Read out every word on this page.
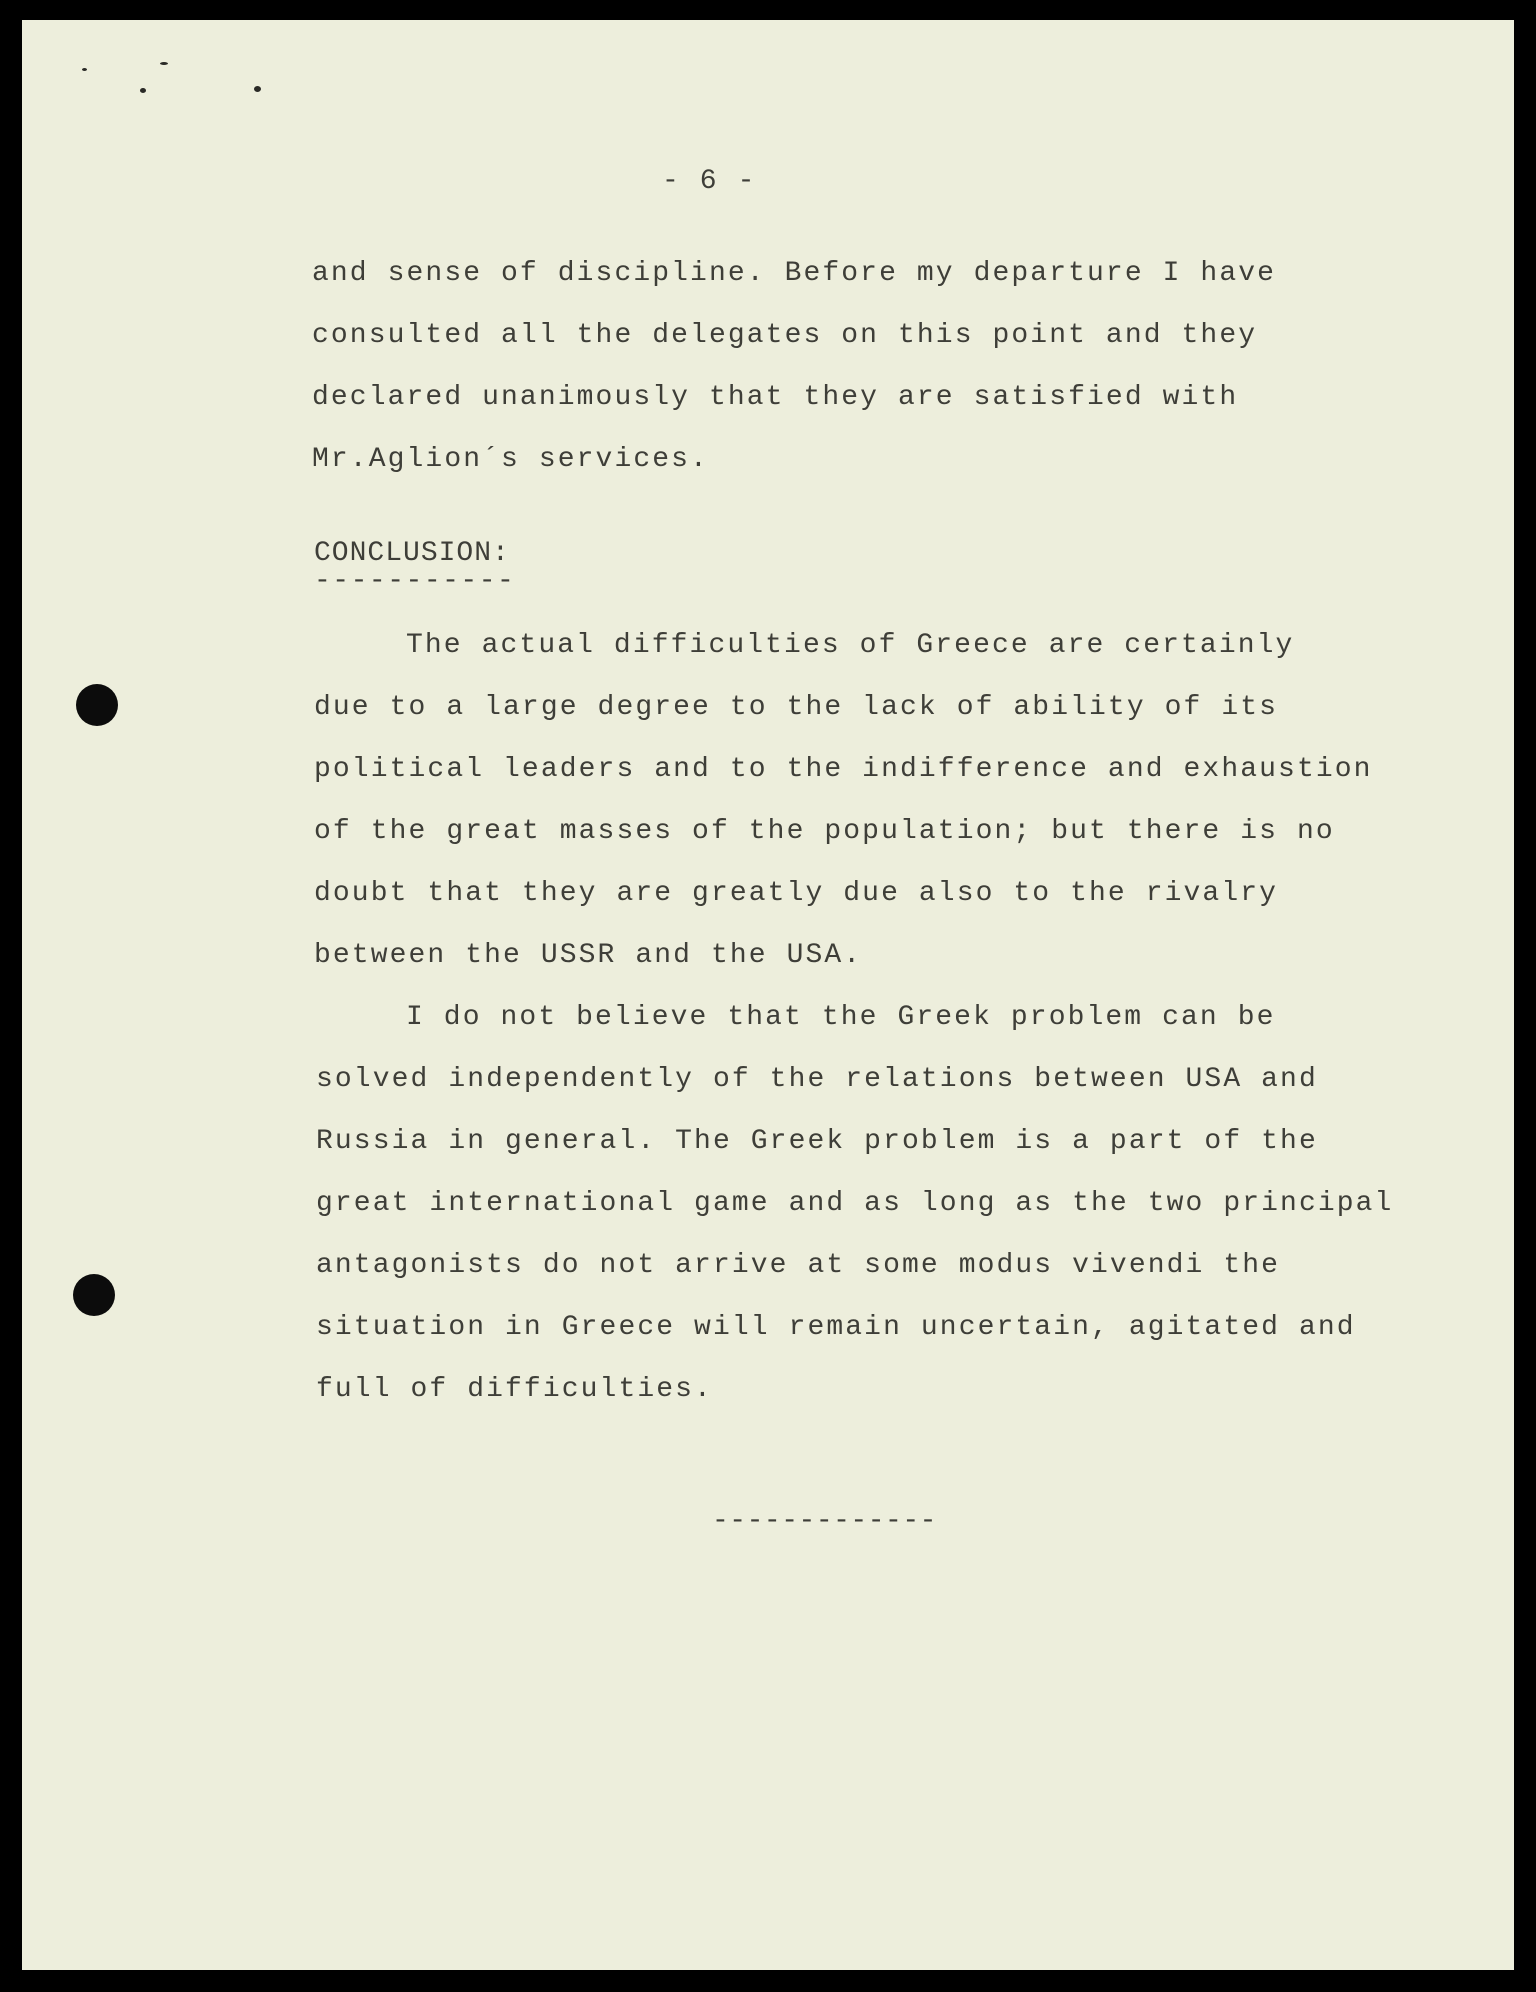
- 6 -
and sense of discipline. Before my departure I have
consulted all the delegates on this point and they
declared unanimously that they are satisfied with
Mr.Aglion´s services.
CONCLUSION:
-----------
The actual difficulties of Greece are certainly
due to a large degree to the lack of ability of its
political leaders and to the indifference and exhaustion
of the great masses of the population; but there is no
doubt that they are greatly due also to the rivalry
between the USSR and the USA.
I do not believe that the Greek problem can be
solved independently of the relations between USA and
Russia in general. The Greek problem is a part of the
great international game and as long as the two principal
antagonists do not arrive at some modus vivendi the
situation in Greece will remain uncertain, agitated and
full of difficulties.
-------------
